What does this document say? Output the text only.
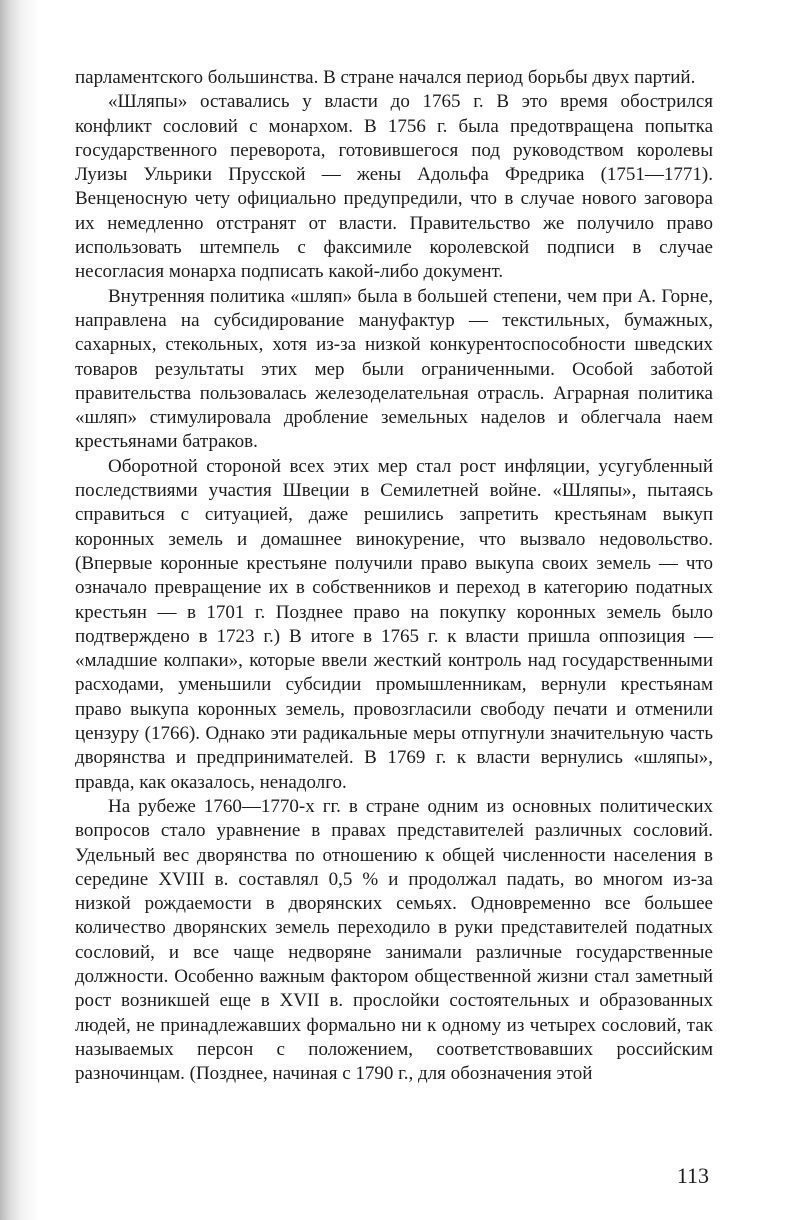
парламентского большинства. В стране начался период борьбы двух партий.

«Шляпы» оставались у власти до 1765 г. В это время обострился конфликт сословий с монархом. В 1756 г. была предотвращена попытка государственного переворота, готовившегося под руководством королевы Луизы Ульрики Прусской — жены Адольфа Фредрика (1751—1771). Венценосную чету официально предупредили, что в случае нового заговора их немедленно отстранят от власти. Правительство же получило право использовать штемпель с факсимиле королевской подписи в случае несогласия монарха подписать какой-либо документ.

Внутренняя политика «шляп» была в большей степени, чем при А. Горне, направлена на субсидирование мануфактур — текстильных, бумажных, сахарных, стекольных, хотя из-за низкой конкурентоспособности шведских товаров результаты этих мер были ограниченными. Особой заботой правительства пользовалась железоделательная отрасль. Аграрная политика «шляп» стимулировала дробление земельных наделов и облегчала наем крестьянами батраков.

Оборотной стороной всех этих мер стал рост инфляции, усугубленный последствиями участия Швеции в Семилетней войне. «Шляпы», пытаясь справиться с ситуацией, даже решились запретить крестьянам выкуп коронных земель и домашнее винокурение, что вызвало недовольство. (Впервые коронные крестьяне получили право выкупа своих земель — что означало превращение их в собственников и переход в категорию податных крестьян — в 1701 г. Позднее право на покупку коронных земель было подтверждено в 1723 г.) В итоге в 1765 г. к власти пришла оппозиция — «младшие колпаки», которые ввели жесткий контроль над государственными расходами, уменьшили субсидии промышленникам, вернули крестьянам право выкупа коронных земель, провозгласили свободу печати и отменили цензуру (1766). Однако эти радикальные меры отпугнули значительную часть дворянства и предпринимателей. В 1769 г. к власти вернулись «шляпы», правда, как оказалось, ненадолго.

На рубеже 1760—1770-х гг. в стране одним из основных политических вопросов стало уравнение в правах представителей различных сословий. Удельный вес дворянства по отношению к общей численности населения в середине XVIII в. составлял 0,5 % и продолжал падать, во многом из-за низкой рождаемости в дворянских семьях. Одновременно все большее количество дворянских земель переходило в руки представителей податных сословий, и все чаще недворяне занимали различные государственные должности. Особенно важным фактором общественной жизни стал заметный рост возникшей еще в XVII в. прослойки состоятельных и образованных людей, не принадлежавших формально ни к одному из четырех сословий, так называемых персон с положением, соответствовавших российским разночинцам. (Позднее, начиная с 1790 г., для обозначения этой

113
